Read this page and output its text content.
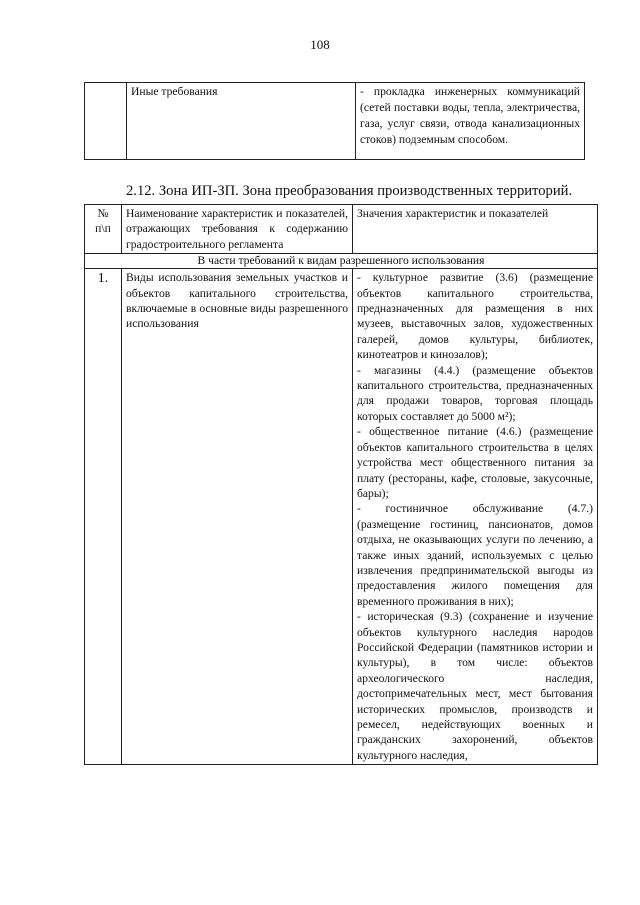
108
	Иные требования	- прокладка инженерных коммуникаций (сетей поставки воды, тепла, электричества, газа, услуг связи, отвода канализационных стоков) подземным способом.
2.12. Зона ИП-ЗП. Зона преобразования производственных территорий.
№ п\п	Наименование характеристик и показателей, отражающих требования к содержанию градостроительного регламента	Значения характеристик и показателей
В части требований к видам разрешенного использования		
1.	Виды использования земельных участков и объектов капитального строительства, включаемые в основные виды разрешенного использования	- культурное развитие (3.6) (размещение объектов капитального строительства, предназначенных для размещения в них музеев, выставочных залов, художественных галерей, домов культуры, библиотек, кинотеатров и кинозалов);

- магазины (4.4.) (размещение объектов капитального строительства, предназначенных для продажи товаров, торговая площадь которых составляет до 5000 м²);

- общественное питание (4.6.) (размещение объектов капитального строительства в целях устройства мест общественного питания за плату (рестораны, кафе, столовые, закусочные, бары);

- гостиничное обслуживание (4.7.) (размещение гостиниц, пансионатов, домов отдыха, не оказывающих услуги по лечению, а также иных зданий, используемых с целью извлечения предпринимательской выгоды из предоставления жилого помещения для временного проживания в них);

- историческая (9.3) (сохранение и изучение объектов культурного наследия народов Российской Федерации (памятников истории и культуры), в том числе: объектов археологического наследия, достопримечательных мест, мест бытования исторических промыслов, производств и ремесел, недействующих военных и гражданских захоронений, объектов культурного наследия,
